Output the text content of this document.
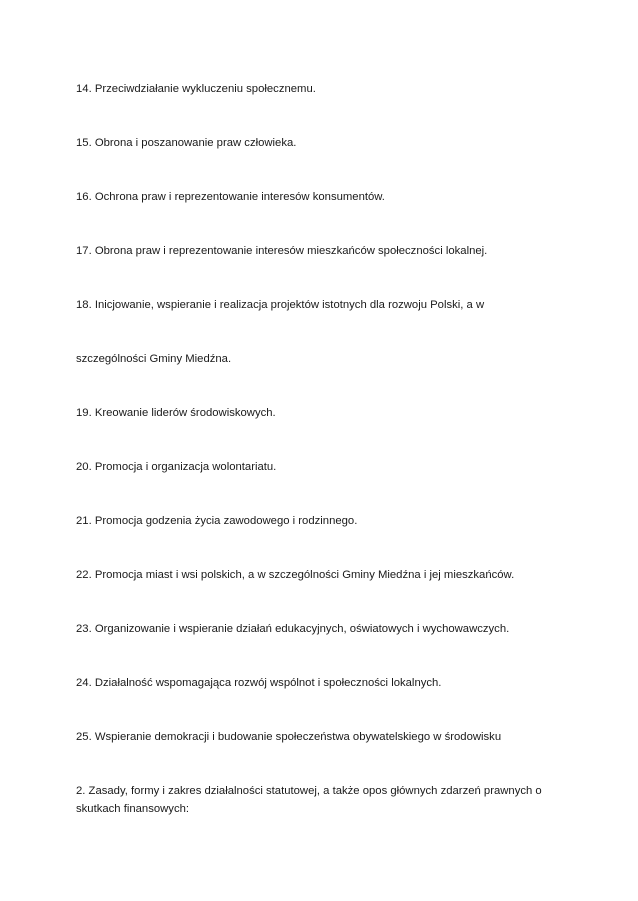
14. Przeciwdziałanie wykluczeniu społecznemu.
15. Obrona i poszanowanie praw człowieka.
16. Ochrona praw i reprezentowanie interesów konsumentów.
17. Obrona praw i reprezentowanie interesów mieszkańców społeczności lokalnej.
18. Inicjowanie, wspieranie i realizacja projektów istotnych dla rozwoju Polski, a w
szczególności Gminy Miedźna.
19. Kreowanie liderów środowiskowych.
20. Promocja i organizacja wolontariatu.
21. Promocja godzenia życia zawodowego i rodzinnego.
22. Promocja miast i wsi polskich, a w szczególności Gminy Miedźna i jej mieszkańców.
23. Organizowanie i wspieranie działań edukacyjnych, oświatowych i wychowawczych.
24. Działalność wspomagająca rozwój wspólnot i społeczności lokalnych.
25. Wspieranie demokracji i budowanie społeczeństwa obywatelskiego w środowisku
2. Zasady, formy i zakres działalności statutowej, a także opos głównych zdarzeń prawnych o skutkach finansowych:
